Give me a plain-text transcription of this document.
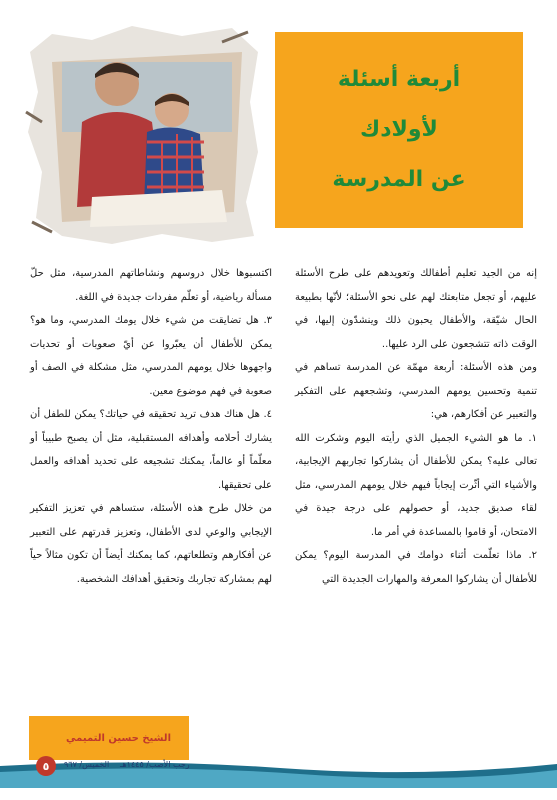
أربعة أسئلة
لأولادك
عن المدرسة

إنه من الجيد تعليم أطفالك وتعويدهم على طرح الأسئلة عليهم، أو تجعل متابعتك لهم على نحو الأسئلة؛ لأنّها بطبيعة الحال شيّقة، والأطفال يحبون ذلك وينشدّون إليها، في الوقت ذاته تتشجعون على الرد عليها..

ومن هذه الأسئلة: أربعة مهمّة عن المدرسة تساهم في تنمية وتحسين يومهم المدرسي، وتشجعهم على التفكير والتعبير عن أفكارهم، هي:

١. ما هو الشيء الجميل الذي رأيته اليوم وشكرت الله تعالى عليه؟ يمكن للأطفال أن يشاركوا تجاربهم الإيجابية، والأشياء التي أثّرت إيجاباً فيهم خلال يومهم المدرسي، مثل لقاء صديق جديد، أو حصولهم على درجة جيدة في الامتحان، أو قاموا بالمساعدة في أمر ما.

٢. ماذا تعلّمت أثناء دوامك في المدرسة اليوم؟ يمكن للأطفال أن يشاركوا المعرفة والمهارات الجديدة التي

اكتسبوها خلال دروسهم ونشاطاتهم المدرسية، مثل حلّ مسألة رياضية، أو تعلّم مفردات جديدة في اللغة.

٣. هل تضايقت من شيء خلال يومك المدرسي، وما هو؟ يمكن للأطفال أن يعبّروا عن أيّ صعوبات أو تحديات واجهوها خلال يومهم المدرسي، مثل مشكلة في الصف أو صعوبة في فهم موضوع معين.

٤. هل هناك هدف تريد تحقيقه في حياتك؟ يمكن للطفل أن يشارك أحلامه وأهدافه المستقبلية، مثل أن يصبح طبيباً أو معلّماً أو عالماً، يمكنك تشجيعه على تحديد أهدافه والعمل على تحقيقها.

من خلال طرح هذه الأسئلة، ستساهم في تعزيز التفكير الإيجابي والوعي لدى الأطفال، وتعزيز قدرتهم على التعبير عن أفكارهم وتطلعاتهم، كما يمكنك أيضاً أن تكون مثالاً حياً لهم بمشاركة تجاربك وتحقيق أهدافك الشخصية.

الشيخ حسين التميمي
٥	الخميس/ ٩٦٧ رجب الأصب/ ١٤٤٥هـ
